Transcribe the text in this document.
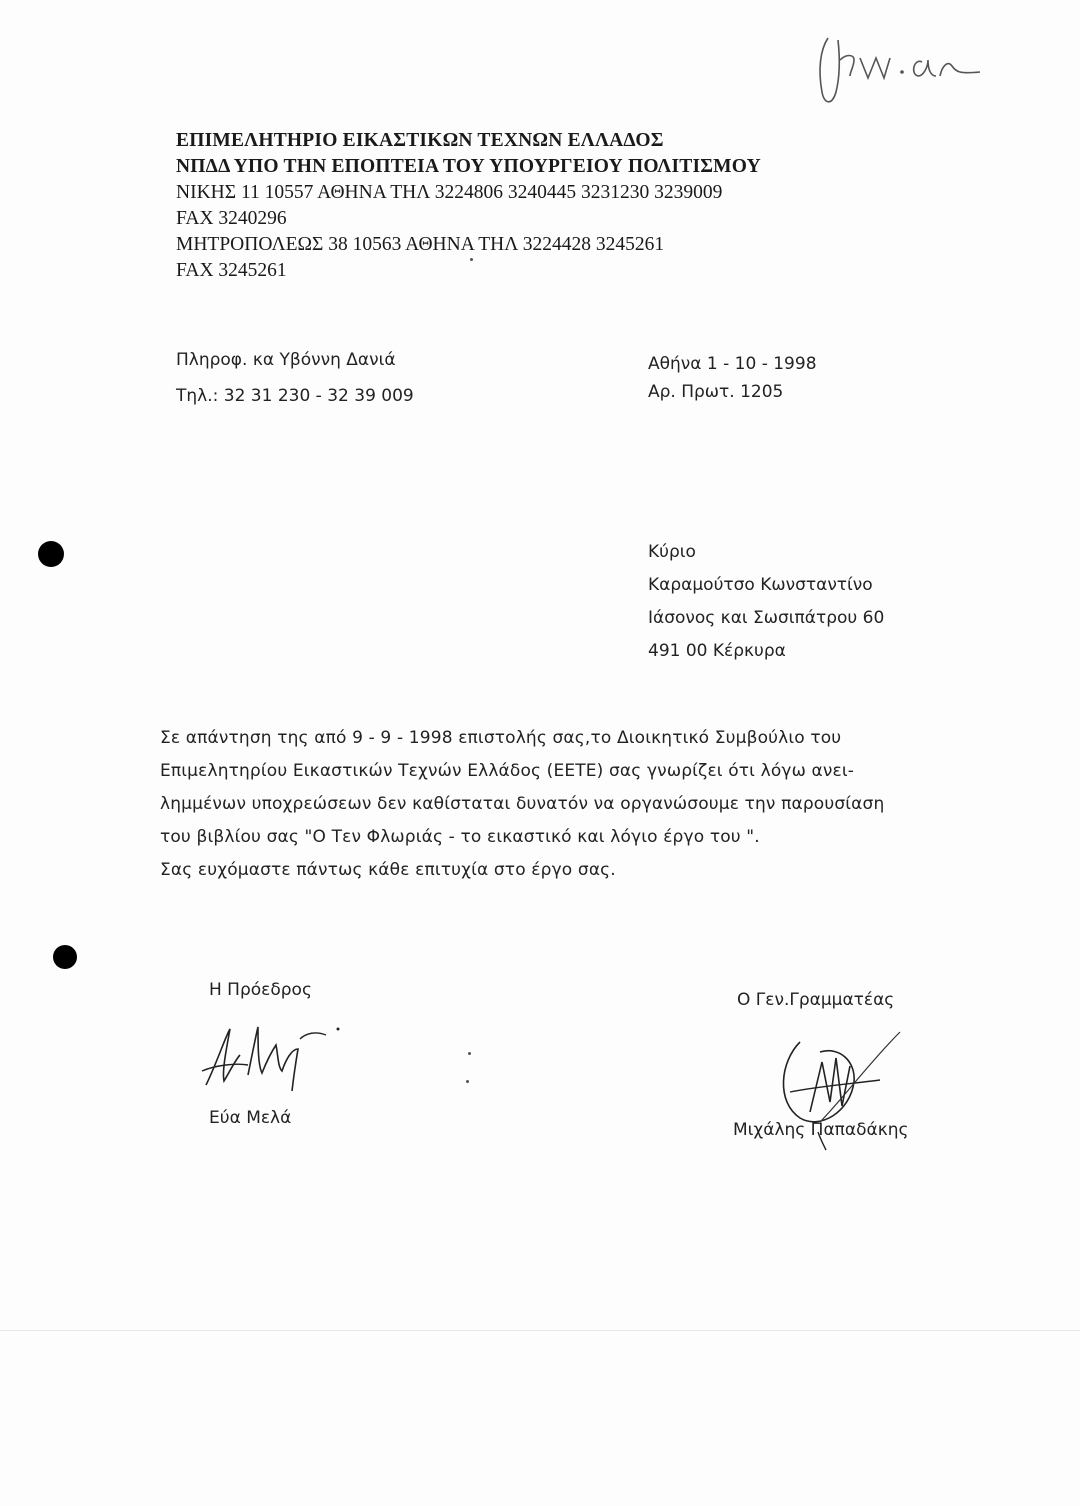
ΕΠΙΜΕΛΗΤΗΡΙΟ ΕΙΚΑΣΤΙΚΩΝ ΤΕΧΝΩΝ ΕΛΛΑΔΟΣ
ΝΠΔΔ ΥΠΟ ΤΗΝ ΕΠΟΠΤΕΙΑ ΤΟΥ ΥΠΟΥΡΓΕΙΟΥ ΠΟΛΙΤΙΣΜΟΥ
ΝΙΚΗΣ 11 10557 ΑΘΗΝΑ ΤΗΛ 3224806 3240445 3231230 3239009
FAX 3240296
ΜΗΤΡΟΠΟΛΕΩΣ 38 10563 ΑΘΗΝΑ ΤΗΛ 3224428 3245261
FAX 3245261
Πληροφ. κα Υβόννη Δανιά
Τηλ.: 32 31 230 - 32 39 009
Αθήνα 1 - 10 - 1998
Αρ. Πρωτ. 1205
Κύριο
Καραμούτσο Κωνσταντίνο
Ιάσονος και Σωσιπάτρου 60
491 00 Κέρκυρα
Σε απάντηση της από 9 - 9 - 1998 επιστολής σας,το Διοικητικό Συμβούλιο του
Επιμελητηρίου Εικαστικών Τεχνών Ελλάδος (ΕΕΤΕ) σας γνωρίζει ότι λόγω ανει-
λημμένων υποχρεώσεων δεν καθίσταται δυνατόν να οργανώσουμε την παρουσίαση
του βιβλίου σας "Ο Τεν Φλωριάς - το εικαστικό και λόγιο έργο του ".
Σας ευχόμαστε πάντως κάθε επιτυχία στο έργο σας.
Η Πρόεδρος
Εύα Μελά
Ο Γεν.Γραμματέας
Μιχάλης Παπαδάκης
